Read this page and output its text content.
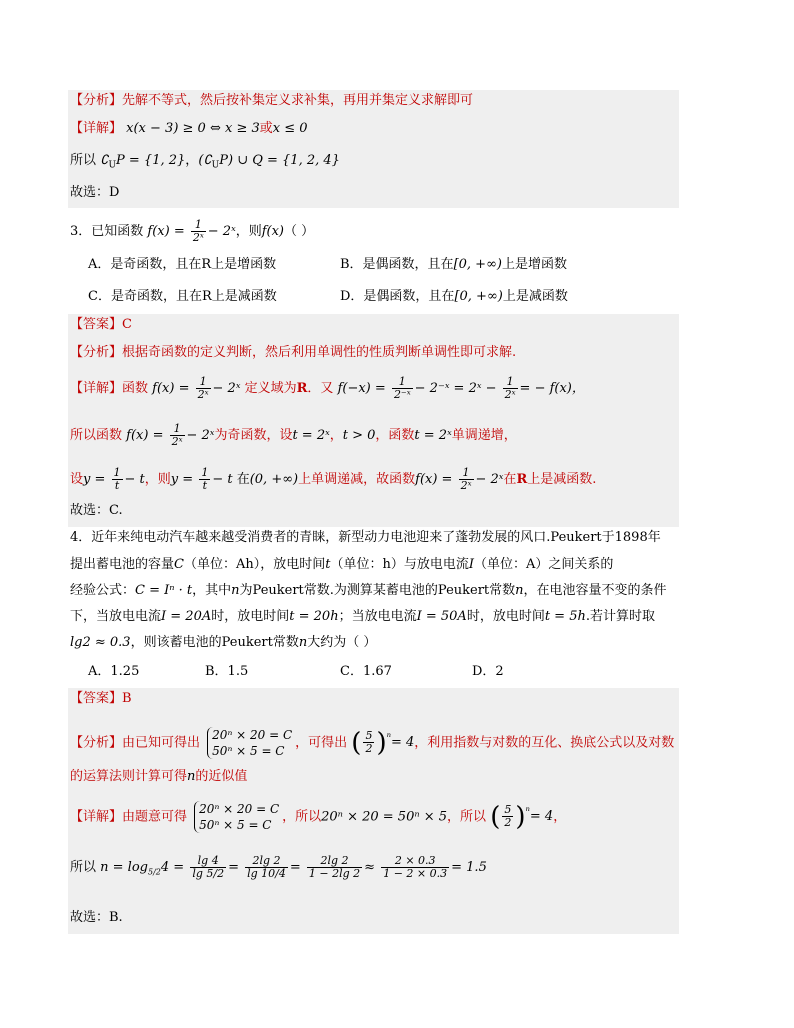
【分析】先解不等式，然后按补集定义求补集，再用并集定义求解即可
【详解】 x(x − 3) ≥ 0 ⇔ x ≥ 3或x ≤ 0
所以 $∁_UP = \{1$, 2}，$(∁_UP)$ ∪ Q = {1, 2, 4}
故选：D
3．已知函数 $f(x) = \frac{1}{\text{2ˣ}}$ − 2ˣ，则f(x)（ ）
A．是奇函数，且在R上是增函数	B．是偶函数，且在[0, +∞)上是增函数
C．是奇函数，且在R上是减函数	D．是偶函数，且在[0, +∞)上是减函数
【答案】C
【分析】根据奇函数的定义判断，然后利用单调性的性质判断单调性即可求解.
【详解】函数 $f(x) = \frac{1}{\text{2ˣ}}$ − 2ˣ 定义域为R．又 $f(-x) = \frac{1}{\text{2⁻ˣ}}$ − 2⁻ˣ = 2ˣ − $\frac{1}{\text{2ˣ}}$ = − f(x)，
所以函数 $f(x) = \frac{1}{\text{2ˣ}}$ − 2ˣ为奇函数，设t = 2ˣ，t > 0，函数t = 2ˣ单调递增，
设$y = \frac{1}{t} - t$，则$y = \frac{1}{t} - t$ 在(0, +∞)上单调递减，故函数$f(x) = \frac{1}{\text{2ˣ}}$ − 2ˣ在R上是减函数.
故选：C.
4．近年来纯电动汽车越来越受消费者的青睐，新型动力电池迎来了蓬勃发展的风口.Peukert于1898年
提出蓄电池的容量C（单位：Ah），放电时间t（单位：h）与放电电流I（单位：A）之间关系的
经验公式：C = Iⁿ · t，其中n为Peukert常数.为测算某蓄电池的Peukert常数n，在电池容量不变的条件
下，当放电电流I = 20A时，放电时间t = 20h；当放电电流I = 50A时，放电时间t = 5h.若计算时取
lg2 ≈ 0.3，则该蓄电池的Peukert常数n大约为（ ）
A．1.25	B．1.5	C．1.67	D．2
【答案】B
【分析】由已知可得出
20ⁿ × 20 = C
50ⁿ × 5 = C
，可得出 ( $\frac{5}{2} )^{^n}= 4$，利用指数与对数的互化、换底公式以及对数
的运算法则计算可得n的近似值
【详解】由题意可得
20ⁿ × 20 = C
50ⁿ × 5 = C
，所以20ⁿ × 20 = 50ⁿ × 5，所以 ( $\frac{5}{2} )^{^n}= 4$，
所以 $n = \log_{5/2}4 = \frac{\lg 4}{\lg 5/2} = \frac{2\lg 2}{\lg 10/4} = \frac{2\lg 2}{1 - 2\lg 2} \approx \frac{2 \times 0.3}{1 - 2 \times 0.3} = 1.5$
故选：B.
